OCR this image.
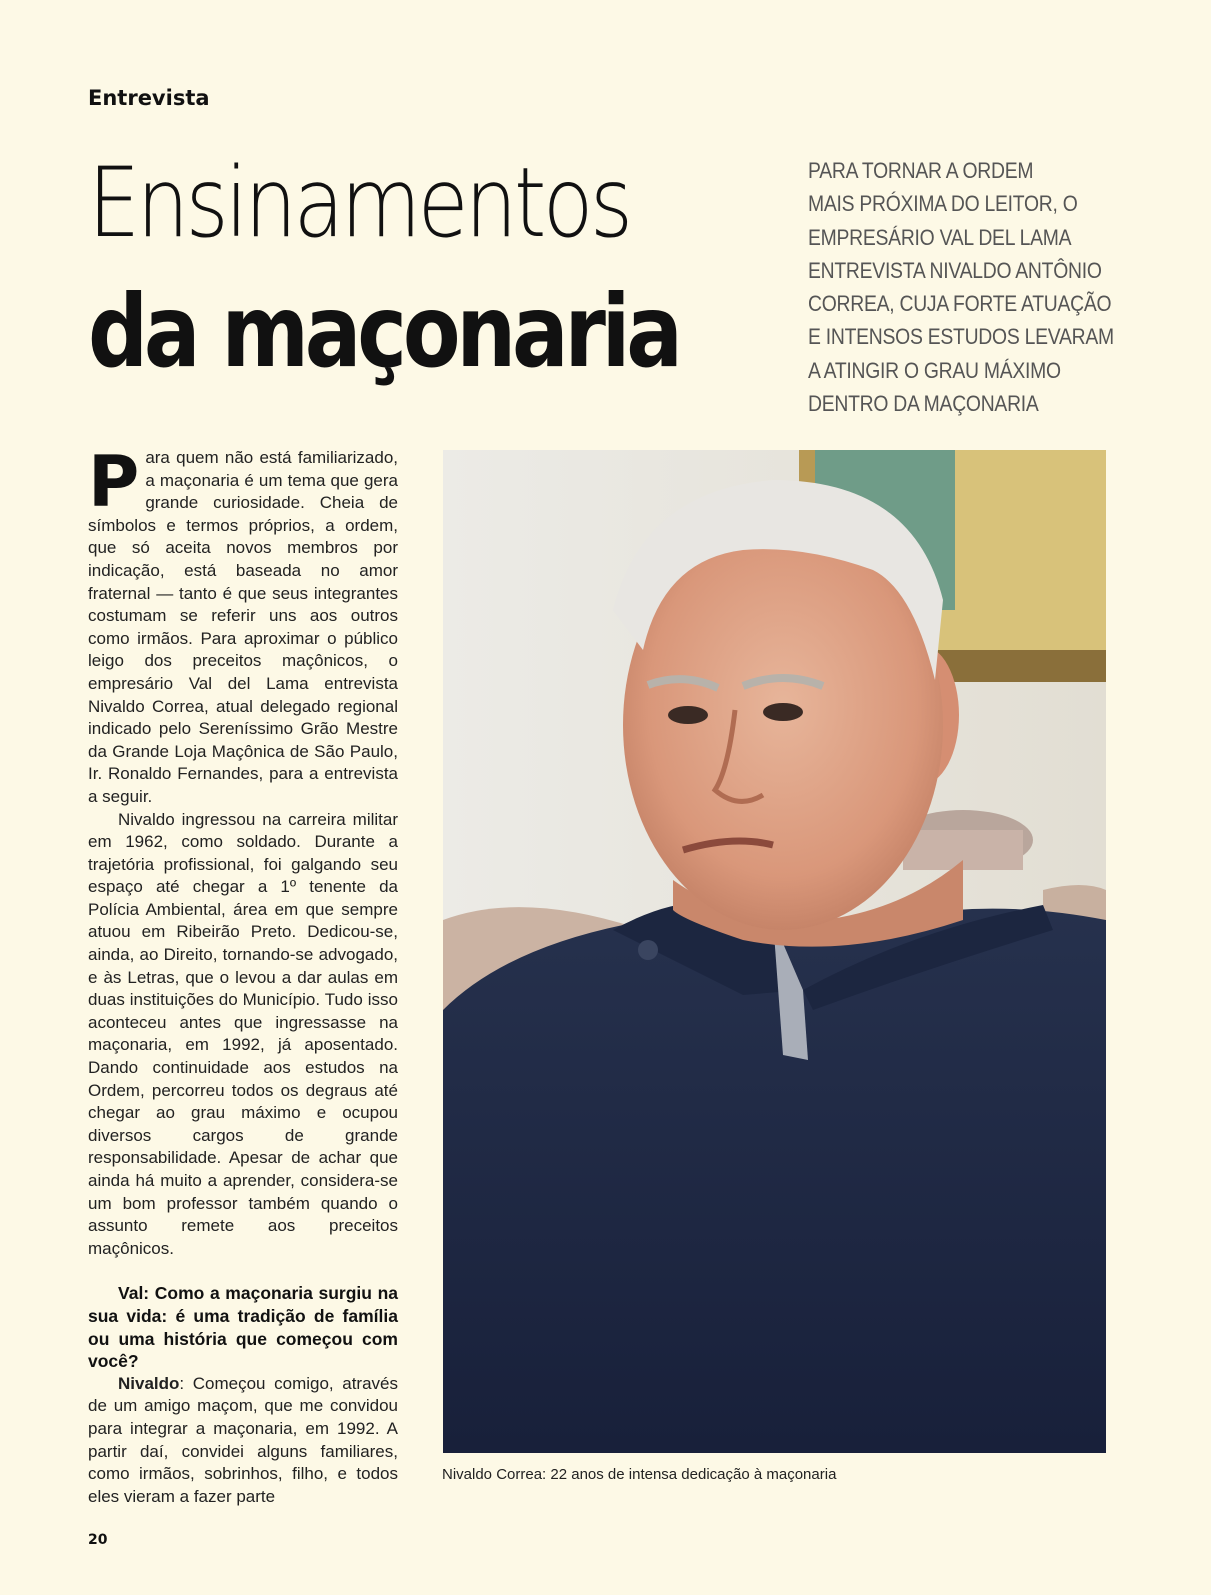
Entrevista
Ensinamentos
da maçonaria
PARA TORNAR A ORDEM
MAIS PRÓXIMA DO LEITOR, O
EMPRESÁRIO VAL DEL LAMA
ENTREVISTA NIVALDO ANTÔNIO
CORREA, CUJA FORTE ATUAÇÃO
E INTENSOS ESTUDOS LEVARAM
A ATINGIR O GRAU MÁXIMO
DENTRO DA MAÇONARIA

Para quem não está familiarizado, a maçonaria é um tema que gera grande curiosidade. Cheia de símbolos e termos próprios, a ordem, que só aceita novos membros por indicação, está baseada no amor fraternal — tanto é que seus integrantes costumam se referir uns aos outros como irmãos. Para aproximar o público leigo dos preceitos maçônicos, o empresário Val del Lama entrevista Nivaldo Correa, atual delegado regional indicado pelo Sereníssimo Grão Mestre da Grande Loja Maçônica de São Paulo, Ir. Ronaldo Fernandes, para a entrevista a seguir.

Nivaldo ingressou na carreira militar em 1962, como soldado. Durante a trajetória profissional, foi galgando seu espaço até chegar a 1º tenente da Polícia Ambiental, área em que sempre atuou em Ribeirão Preto. Dedicou-se, ainda, ao Direito, tornando-se advogado, e às Letras, que o levou a dar aulas em duas instituições do Município. Tudo isso aconteceu antes que ingressasse na maçonaria, em 1992, já aposentado. Dando continuidade aos estudos na Ordem, percorreu todos os degraus até chegar ao grau máximo e ocupou diversos cargos de grande responsabilidade. Apesar de achar que ainda há muito a aprender, considera-se um bom professor também quando o assunto remete aos preceitos maçônicos.

Val: Como a maçonaria surgiu na sua vida: é uma tradição de família ou uma história que começou com você?

Nivaldo: Começou comigo, através de um amigo maçom, que me convidou para integrar a maçonaria, em 1992. A partir daí, convidei alguns familiares, como irmãos, sobrinhos, filho, e todos eles vieram a fazer parte

Nivaldo Correa: 22 anos de intensa dedicação à maçonaria
20
